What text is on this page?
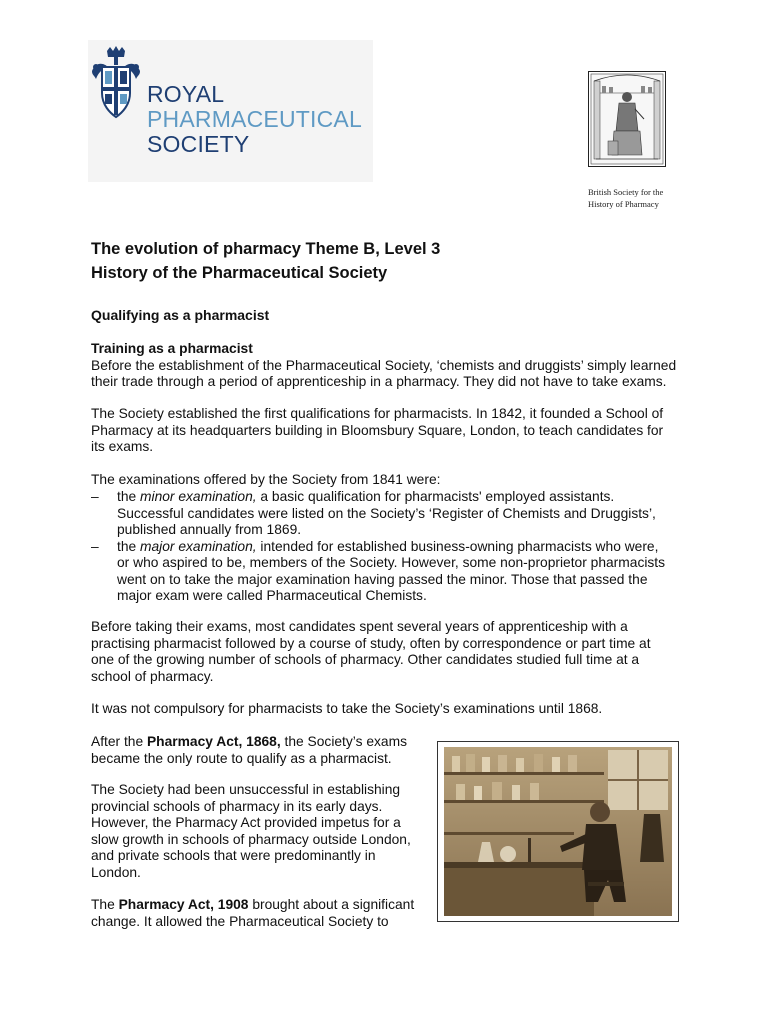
ROYAL
PHARMACEUTICAL
SOCIETY
British Society for the
History of Pharmacy
The evolution of pharmacy Theme B, Level 3
History of the Pharmaceutical Society
Qualifying as a pharmacist
Training as a pharmacist
Before the establishment of the Pharmaceutical Society, ‘chemists and druggists’ simply learned
their trade through a period of apprenticeship in a pharmacy. They did not have to take exams.
The Society established the first qualifications for pharmacists. In 1842, it founded a School of
Pharmacy at its headquarters building in Bloomsbury Square, London, to teach candidates for
its exams.
The examinations offered by the Society from 1841 were:
– the minor examination, a basic qualification for pharmacists' employed assistants.
Successful candidates were listed on the Society’s ‘Register of Chemists and Druggists’,
published annually from 1869.
– the major examination, intended for established business-owning pharmacists who were,
or who aspired to be, members of the Society. However, some non-proprietor pharmacists
went on to take the major examination having passed the minor. Those that passed the
major exam were called Pharmaceutical Chemists.
Before taking their exams, most candidates spent several years of apprenticeship with a
practising pharmacist followed by a course of study, often by correspondence or part time at
one of the growing number of schools of pharmacy. Other candidates studied full time at a
school of pharmacy.
It was not compulsory for pharmacists to take the Society’s examinations until 1868.
After the Pharmacy Act, 1868, the Society’s exams
became the only route to qualify as a pharmacist.
The Society had been unsuccessful in establishing
provincial schools of pharmacy in its early days.
However, the Pharmacy Act provided impetus for a
slow growth in schools of pharmacy outside London,
and private schools that were predominantly in
London.
The Pharmacy Act, 1908 brought about a significant
change. It allowed the Pharmaceutical Society to
